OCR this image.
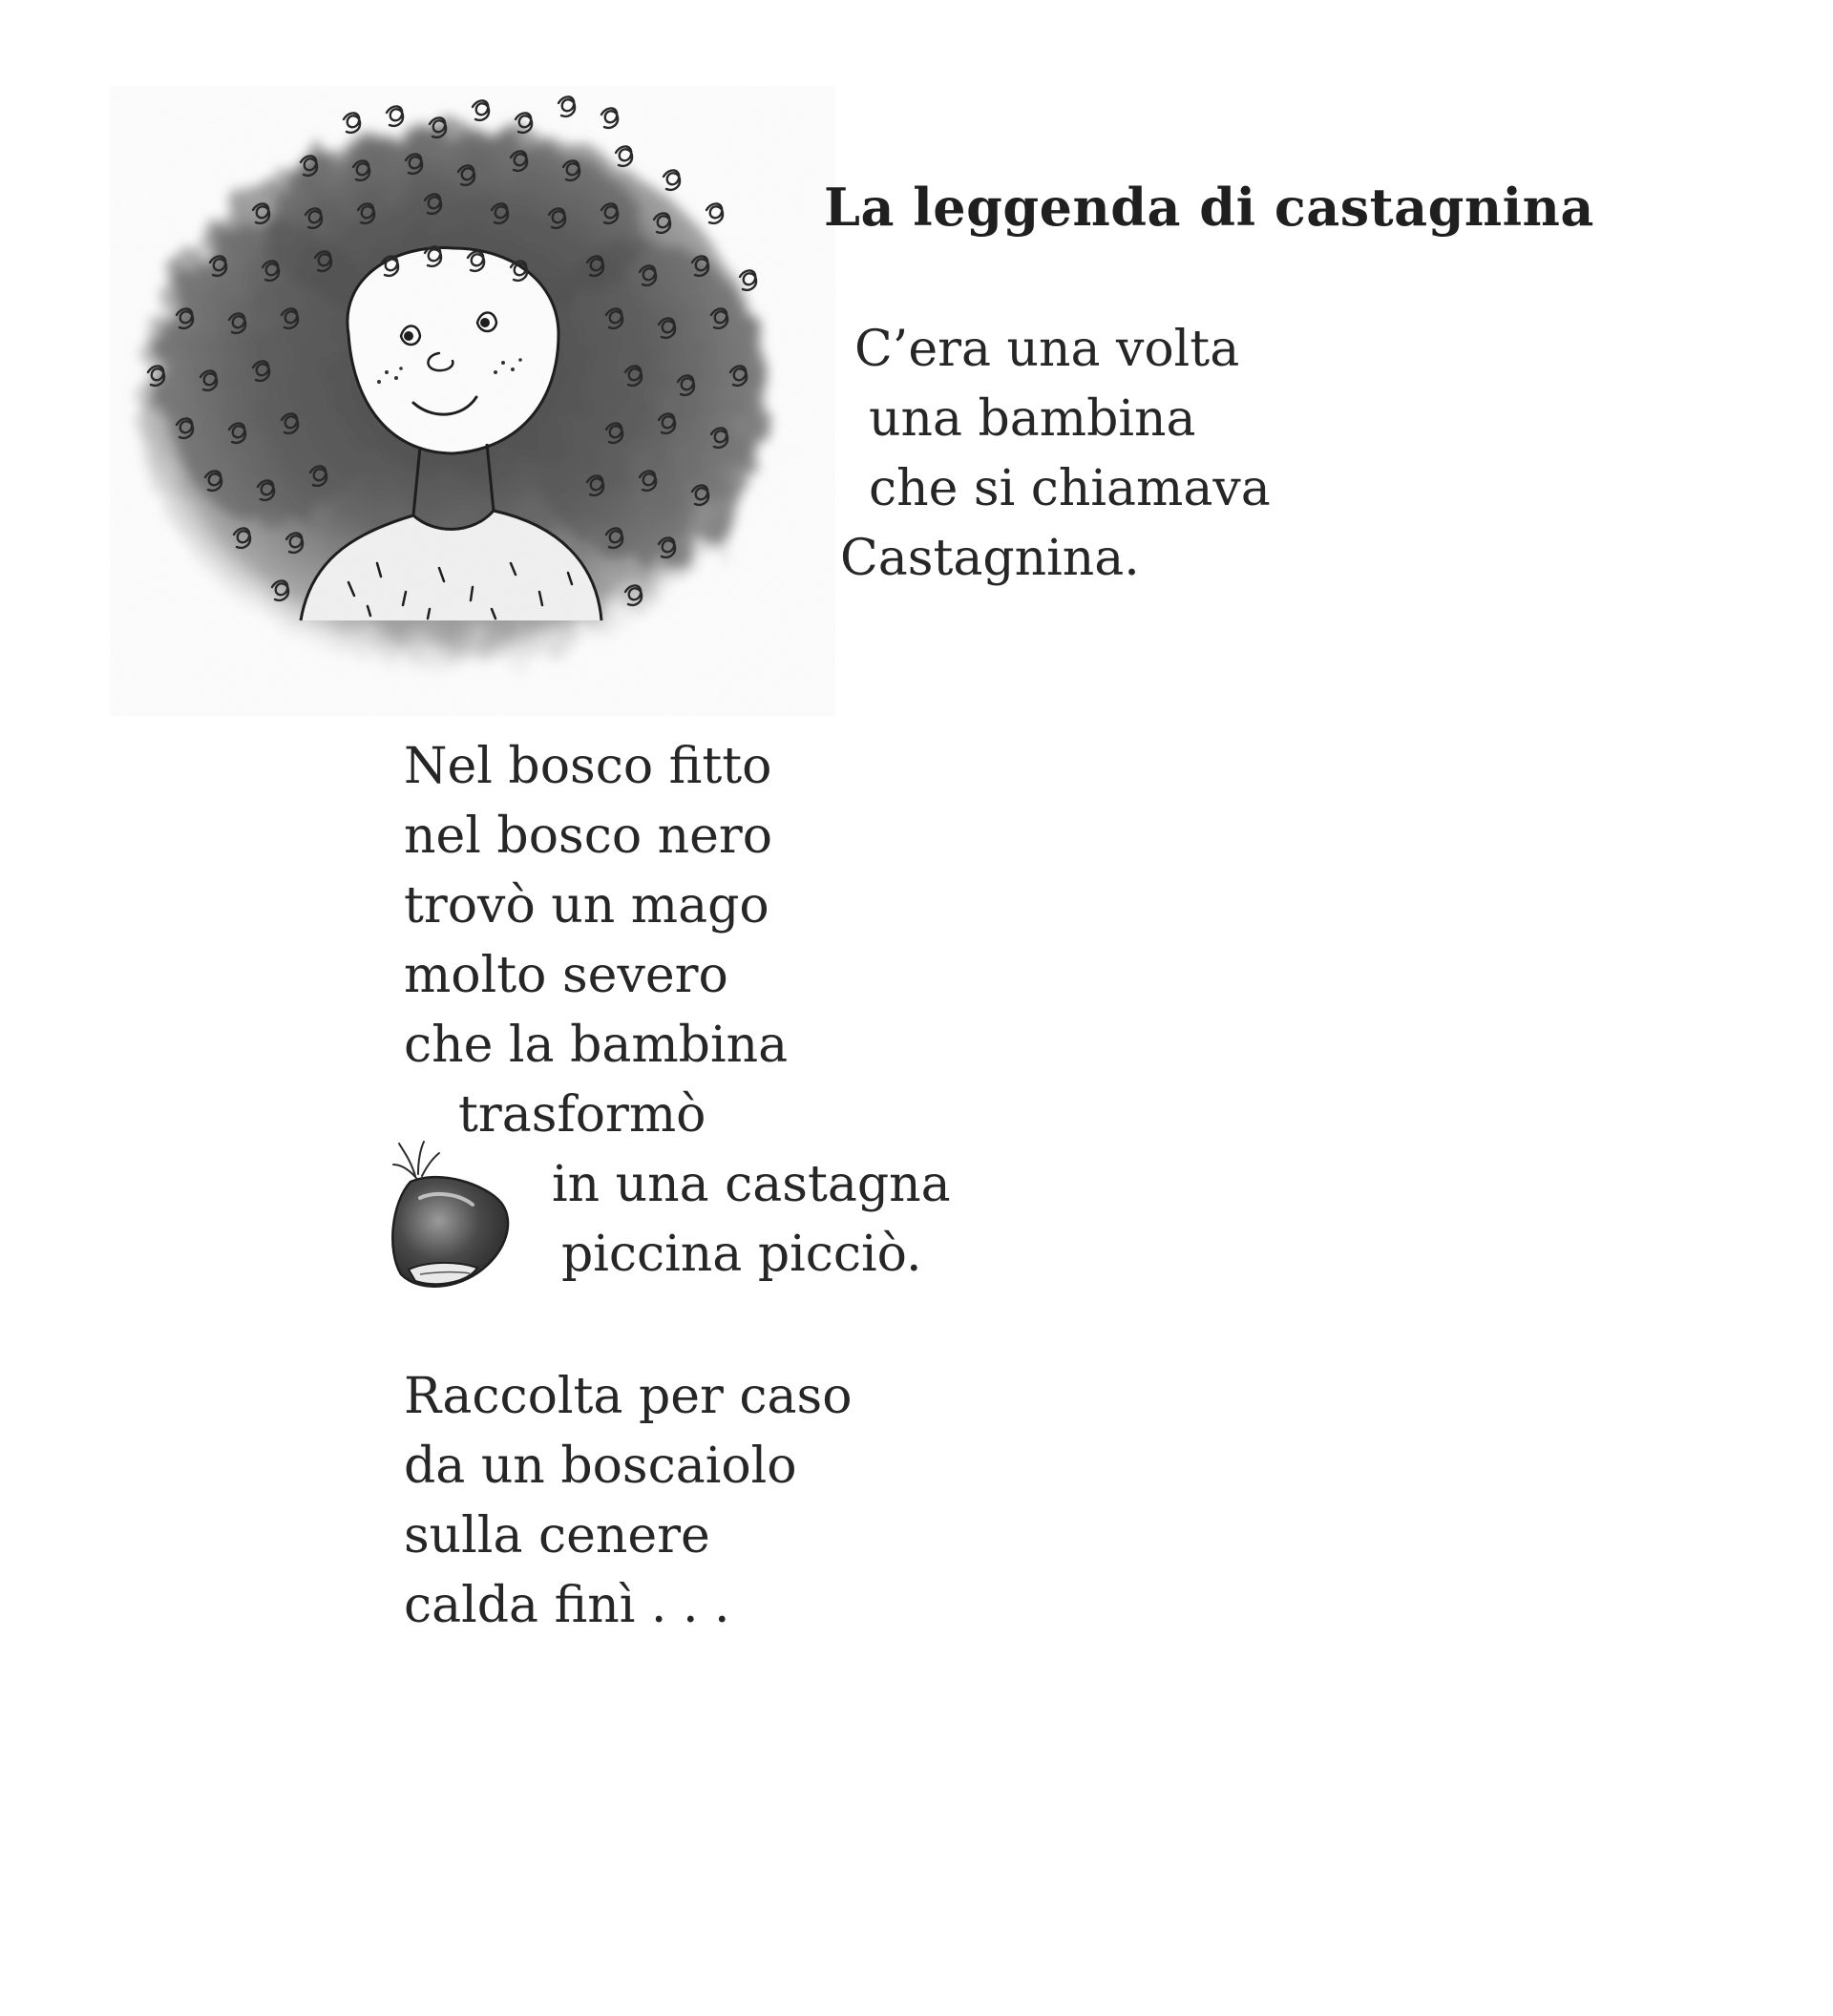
La leggenda di castagnina
C’era una volta
una bambina
che si chiamava
Castagnina.
Nel bosco fitto
nel bosco nero
trovò un mago
molto severo
che la bambina
trasformò
in una castagna
piccina picciò.
Raccolta per caso
da un boscaiolo
sulla cenere
calda finì . . .
